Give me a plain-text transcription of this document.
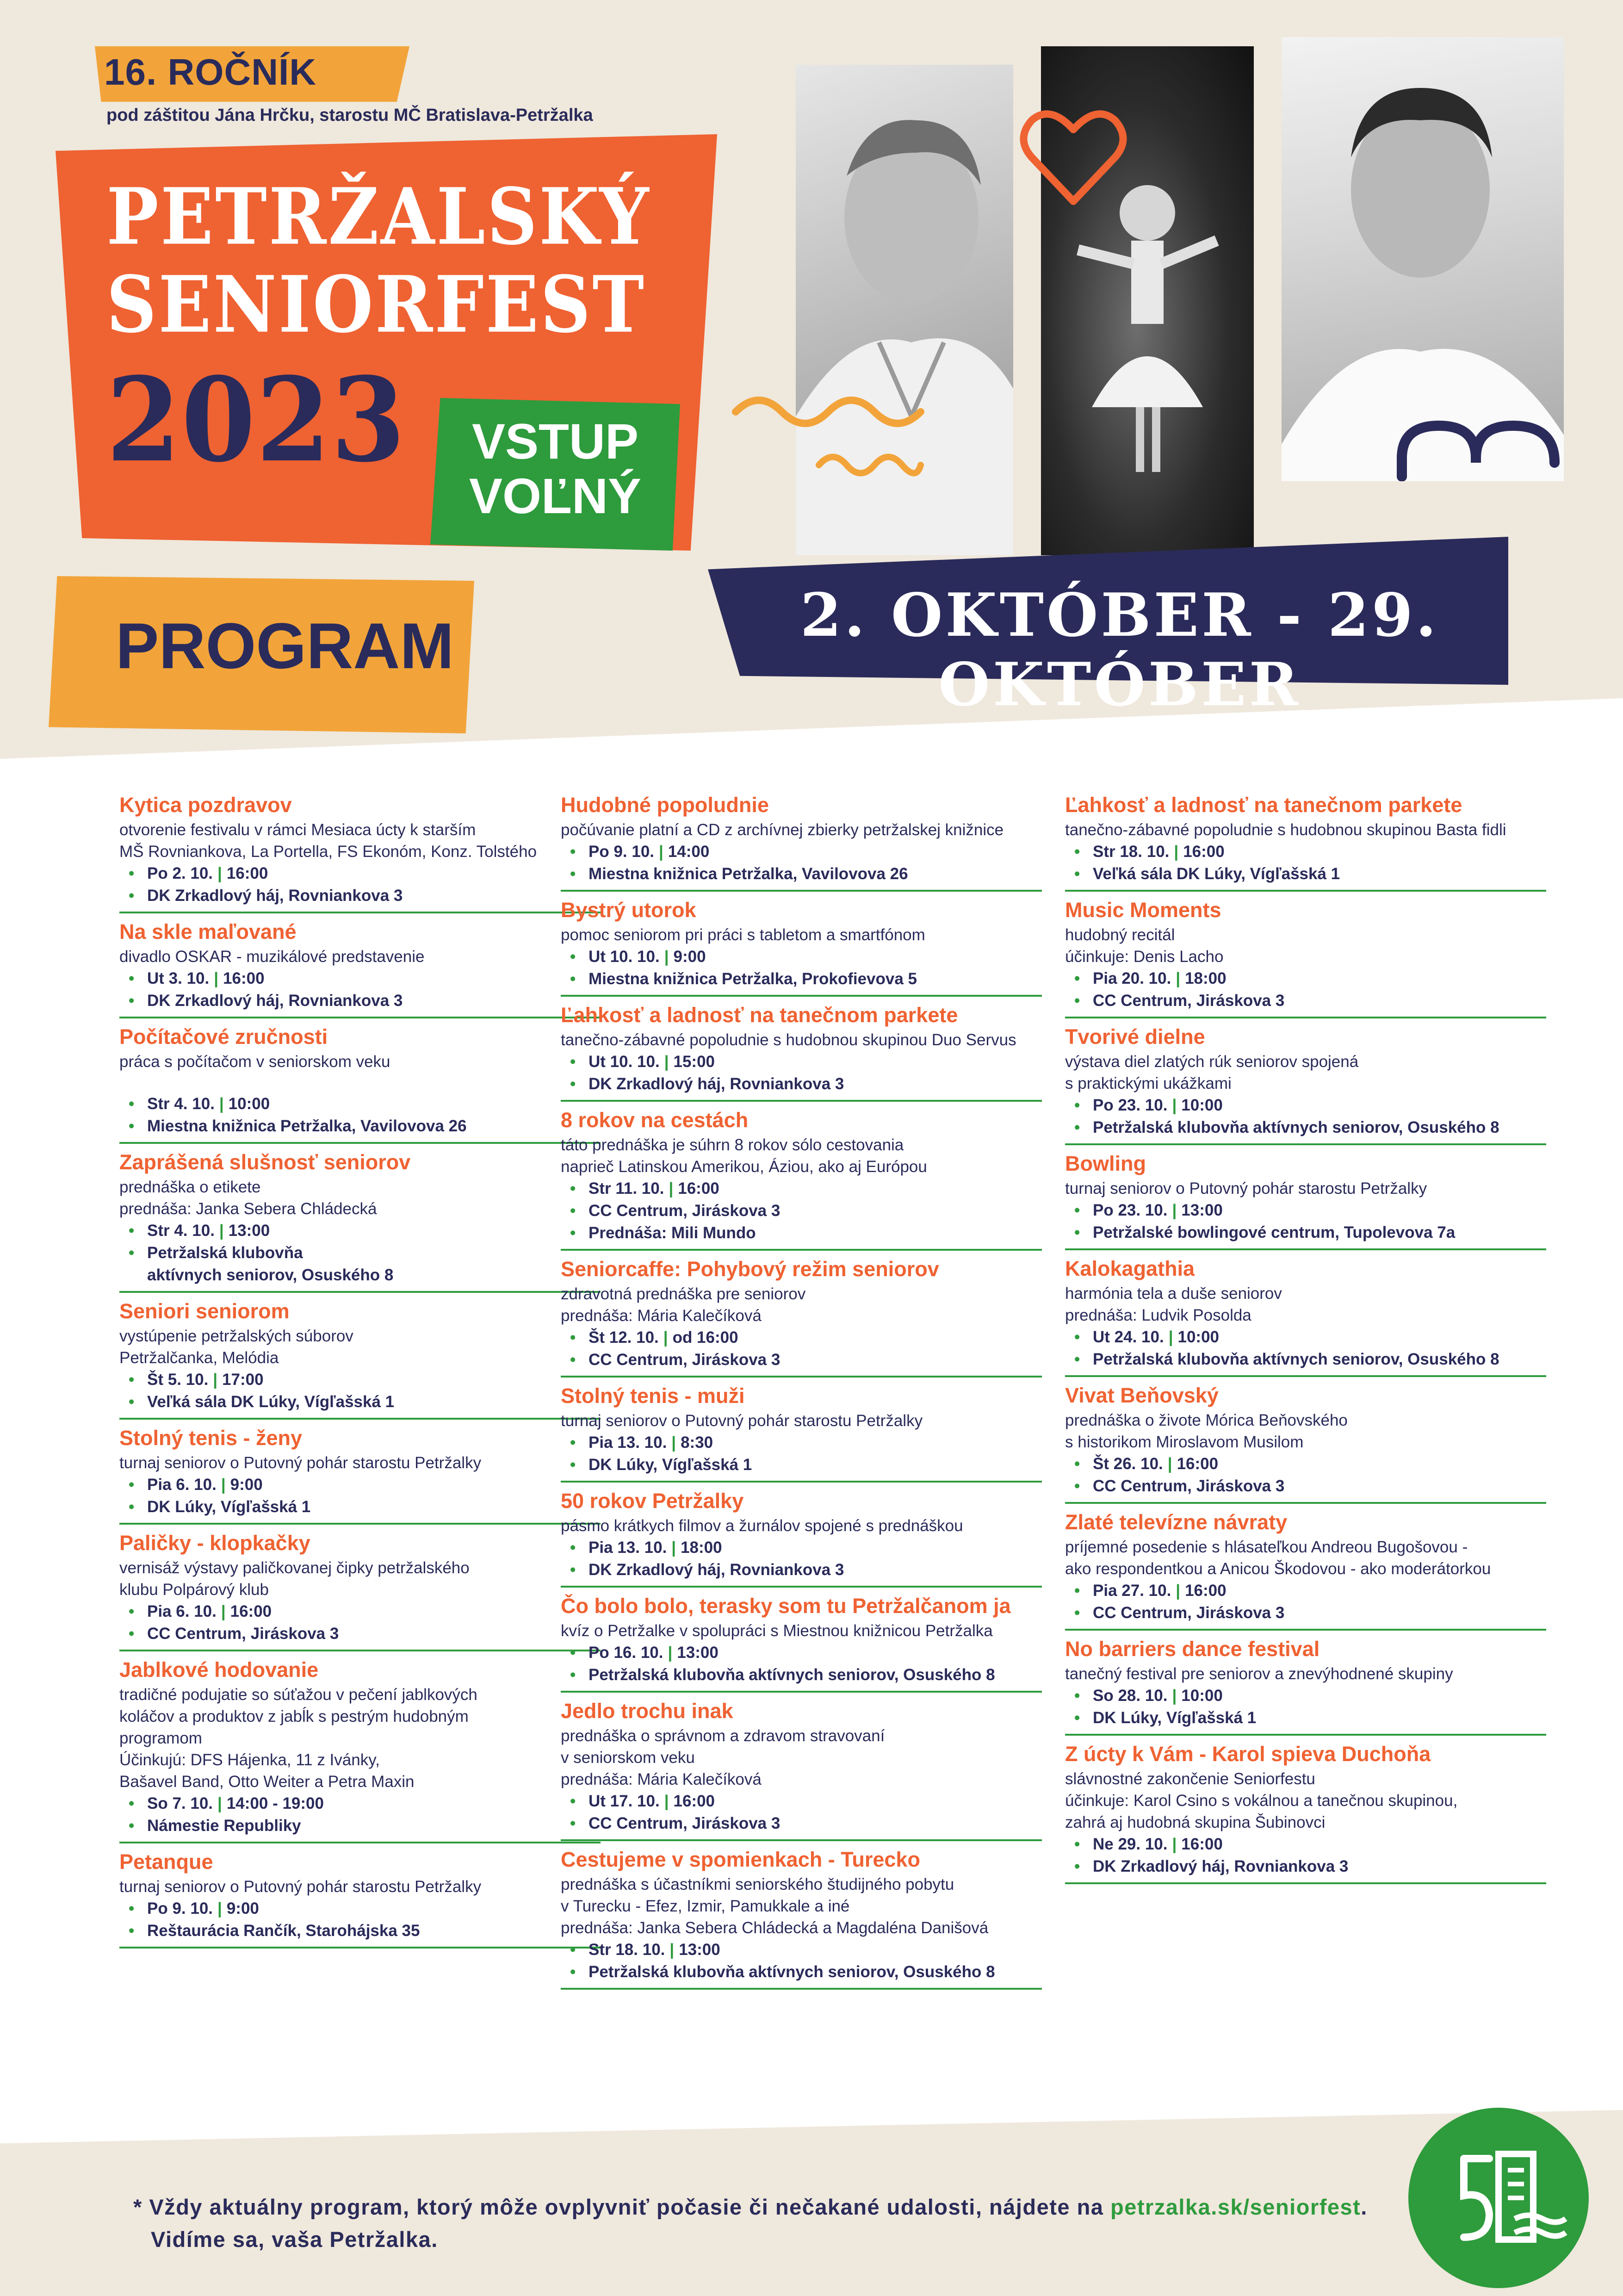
16. ROČNÍK
pod záštitou Jána Hrčku, starostu MČ Bratislava-Petržalka
PETRŽALSKÝ
SENIORFEST
2023	VSTUP
VOĽNÝ
PROGRAM	2. OKTÓBER - 29. OKTÓBER
Kytica pozdravov
otvorenie festivalu v rámci Mesiaca úcty k starším
MŠ Rovniankova, La Portella, FS Ekonóm, Konz. Tolstého
• Po 2. 10. | 16:00
• DK Zrkadlový háj, Rovniankova 3
Na skle maľované
divadlo OSKAR - muzikálové predstavenie
• Ut 3. 10. | 16:00
• DK Zrkadlový háj, Rovniankova 3
Počítačové zručnosti
práca s počítačom v seniorskom veku
• Str 4. 10. | 10:00
• Miestna knižnica Petržalka, Vavilovova 26
Zaprášená slušnosť seniorov
prednáška o etikete
prednáša: Janka Sebera Chládecká
• Str 4. 10. | 13:00
• Petržalská klubovňa
aktívnych seniorov, Osuského 8
Seniori seniorom
vystúpenie petržalských súborov
Petržalčanka, Melódia
• Št 5. 10. | 17:00
• Veľká sála DK Lúky, Vígľašská 1
Stolný tenis - ženy
turnaj seniorov o Putovný pohár starostu Petržalky
• Pia 6. 10. | 9:00
• DK Lúky, Vígľašská 1
Paličky - klopkačky
vernisáž výstavy paličkovanej čipky petržalského
klubu Polpárový klub
• Pia 6. 10. | 16:00
• CC Centrum, Jiráskova 3
Jablkové hodovanie
tradičné podujatie so súťažou v pečení jablkových
koláčov a produktov z jabĺk s pestrým hudobným
programom
Účinkujú: DFS Hájenka, 11 z Ivánky,
Bašavel Band, Otto Weiter a Petra Maxin
• So 7. 10. | 14:00 - 19:00
• Námestie Republiky
Petanque
turnaj seniorov o Putovný pohár starostu Petržalky
• Po 9. 10. | 9:00
• Reštaurácia Rančík, Starohájska 35
Hudobné popoludnie
počúvanie platní a CD z archívnej zbierky petržalskej knižnice
• Po 9. 10. | 14:00
• Miestna knižnica Petržalka, Vavilovova 26
Bystrý utorok
pomoc seniorom pri práci s tabletom a smartfónom
• Ut 10. 10. | 9:00
• Miestna knižnica Petržalka, Prokofievova 5
Ľahkosť a ladnosť na tanečnom parkete
tanečno-zábavné popoludnie s hudobnou skupinou Duo Servus
• Ut 10. 10. | 15:00
• DK Zrkadlový háj, Rovniankova 3
8 rokov na cestách
táto prednáška je súhrn 8 rokov sólo cestovania
naprieč Latinskou Amerikou, Áziou, ako aj Európou
• Str 11. 10. | 16:00
• CC Centrum, Jiráskova 3
• Prednáša: Mili Mundo
Seniorcaffe: Pohybový režim seniorov
zdravotná prednáška pre seniorov
prednáša: Mária Kalečíková
• Št 12. 10. | od 16:00
• CC Centrum, Jiráskova 3
Stolný tenis - muži
turnaj seniorov o Putovný pohár starostu Petržalky
• Pia 13. 10. | 8:30
• DK Lúky, Vígľašská 1
50 rokov Petržalky
pásmo krátkych filmov a žurnálov spojené s prednáškou
• Pia 13. 10. | 18:00
• DK Zrkadlový háj, Rovniankova 3
Čo bolo bolo, terasky som tu Petržalčanom ja
kvíz o Petržalke v spolupráci s Miestnou knižnicou Petržalka
• Po 16. 10. | 13:00
• Petržalská klubovňa aktívnych seniorov, Osuského 8
Jedlo trochu inak
prednáška o správnom a zdravom stravovaní
v seniorskom veku
prednáša: Mária Kalečíková
• Ut 17. 10. | 16:00
• CC Centrum, Jiráskova 3
Cestujeme v spomienkach - Turecko
prednáška s účastníkmi seniorského študijného pobytu
v Turecku - Efez, Izmir, Pamukkale a iné
prednáša: Janka Sebera Chládecká a Magdaléna Danišová
• Str 18. 10. | 13:00
• Petržalská klubovňa aktívnych seniorov, Osuského 8
Ľahkosť a ladnosť na tanečnom parkete
tanečno-zábavné popoludnie s hudobnou skupinou Basta fidli
• Str 18. 10. | 16:00
• Veľká sála DK Lúky, Vígľašská 1
Music Moments
hudobný recitál
účinkuje: Denis Lacho
• Pia 20. 10. | 18:00
• CC Centrum, Jiráskova 3
Tvorivé dielne
výstava diel zlatých rúk seniorov spojená
s praktickými ukážkami
• Po 23. 10. | 10:00
• Petržalská klubovňa aktívnych seniorov, Osuského 8
Bowling
turnaj seniorov o Putovný pohár starostu Petržalky
• Po 23. 10. | 13:00
• Petržalské bowlingové centrum, Tupolevova 7a
Kalokagathia
harmónia tela a duše seniorov
prednáša: Ludvik Posolda
• Ut 24. 10. | 10:00
• Petržalská klubovňa aktívnych seniorov, Osuského 8
Vivat Beňovský
prednáška o živote Mórica Beňovského
s historikom Miroslavom Musilom
• Št 26. 10. | 16:00
• CC Centrum, Jiráskova 3
Zlaté televízne návraty
príjemné posedenie s hlásateľkou Andreou Bugošovou -
ako respondentkou a Anicou Škodovou - ako moderátorkou
• Pia 27. 10. | 16:00
• CC Centrum, Jiráskova 3
No barriers dance festival
tanečný festival pre seniorov a znevýhodnené skupiny
• So 28. 10. | 10:00
• DK Lúky, Vígľašská 1
Z úcty k Vám - Karol spieva Duchoňa
slávnostné zakončenie Seniorfestu
účinkuje: Karol Csino s vokálnou a tanečnou skupinou,
zahrá aj hudobná skupina Šubinovci
• Ne 29. 10. | 16:00
• DK Zrkadlový háj, Rovniankova 3
* Vždy aktuálny program, ktorý môže ovplyvniť počasie či nečakané udalosti, nájdete na petrzalka.sk/seniorfest.
Vidíme sa, vaša Petržalka.
